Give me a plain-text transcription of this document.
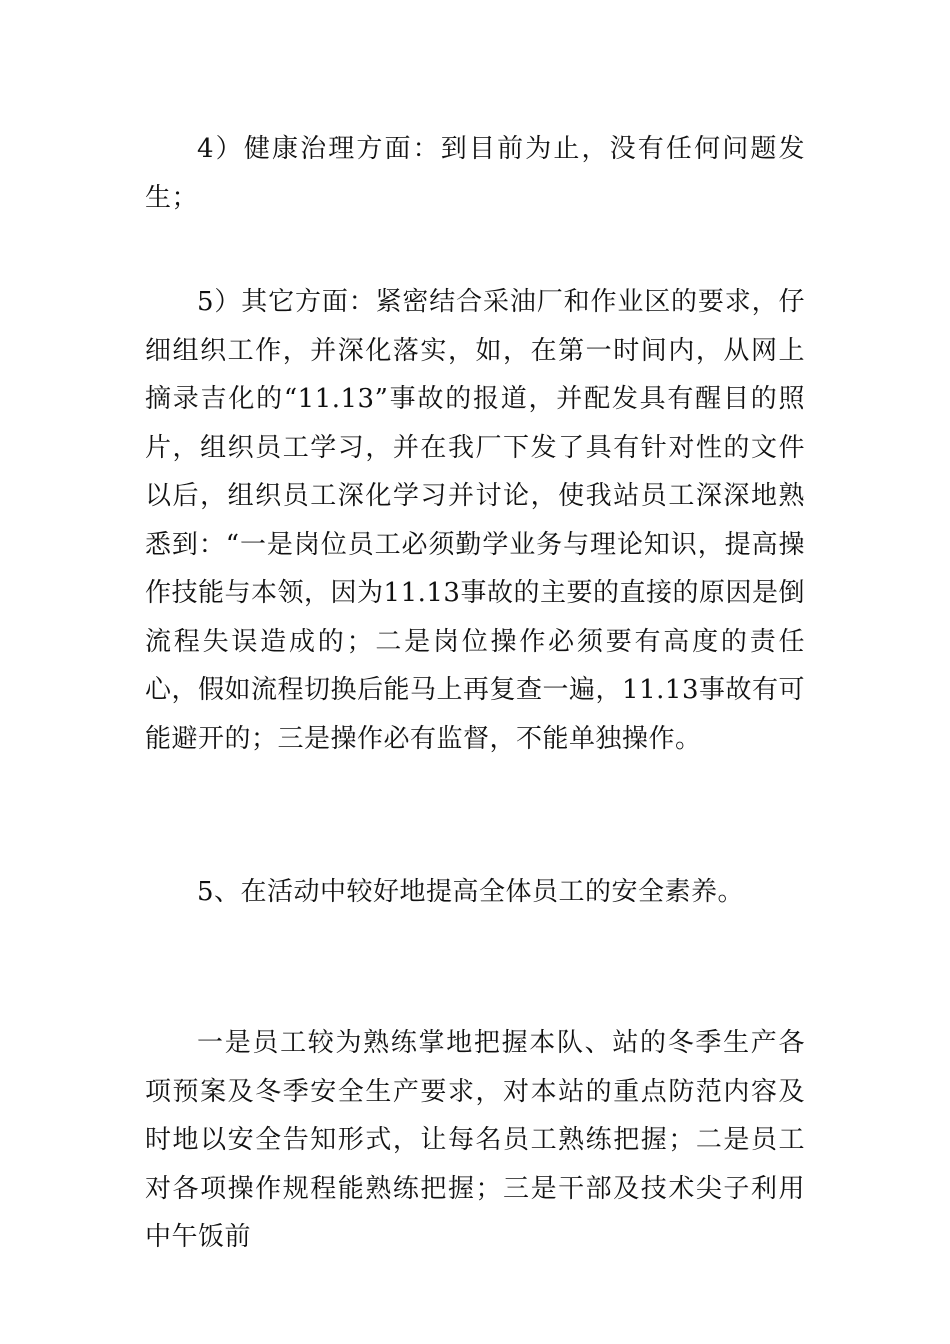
4）健康治理方面：到目前为止，没有任何问题发生；

5）其它方面：紧密结合采油厂和作业区的要求，仔细组织工作，并深化落实，如，在第一时间内，从网上摘录吉化的“11.13”事故的报道，并配发具有醒目的照片，组织员工学习，并在我厂下发了具有针对性的文件以后，组织员工深化学习并讨论，使我站员工深深地熟悉到：“一是岗位员工必须勤学业务与理论知识，提高操作技能与本领，因为11.13事故的主要的直接的原因是倒流程失误造成的；二是岗位操作必须要有高度的责任心，假如流程切换后能马上再复查一遍，11.13事故有可能避开的；三是操作必有监督，不能单独操作。

5、在活动中较好地提高全体员工的安全素养。

一是员工较为熟练掌地把握本队、站的冬季生产各项预案及冬季安全生产要求，对本站的重点防范内容及时地以安全告知形式，让每名员工熟练把握；二是员工对各项操作规程能熟练把握；三是干部及技术尖子利用中午饭前
